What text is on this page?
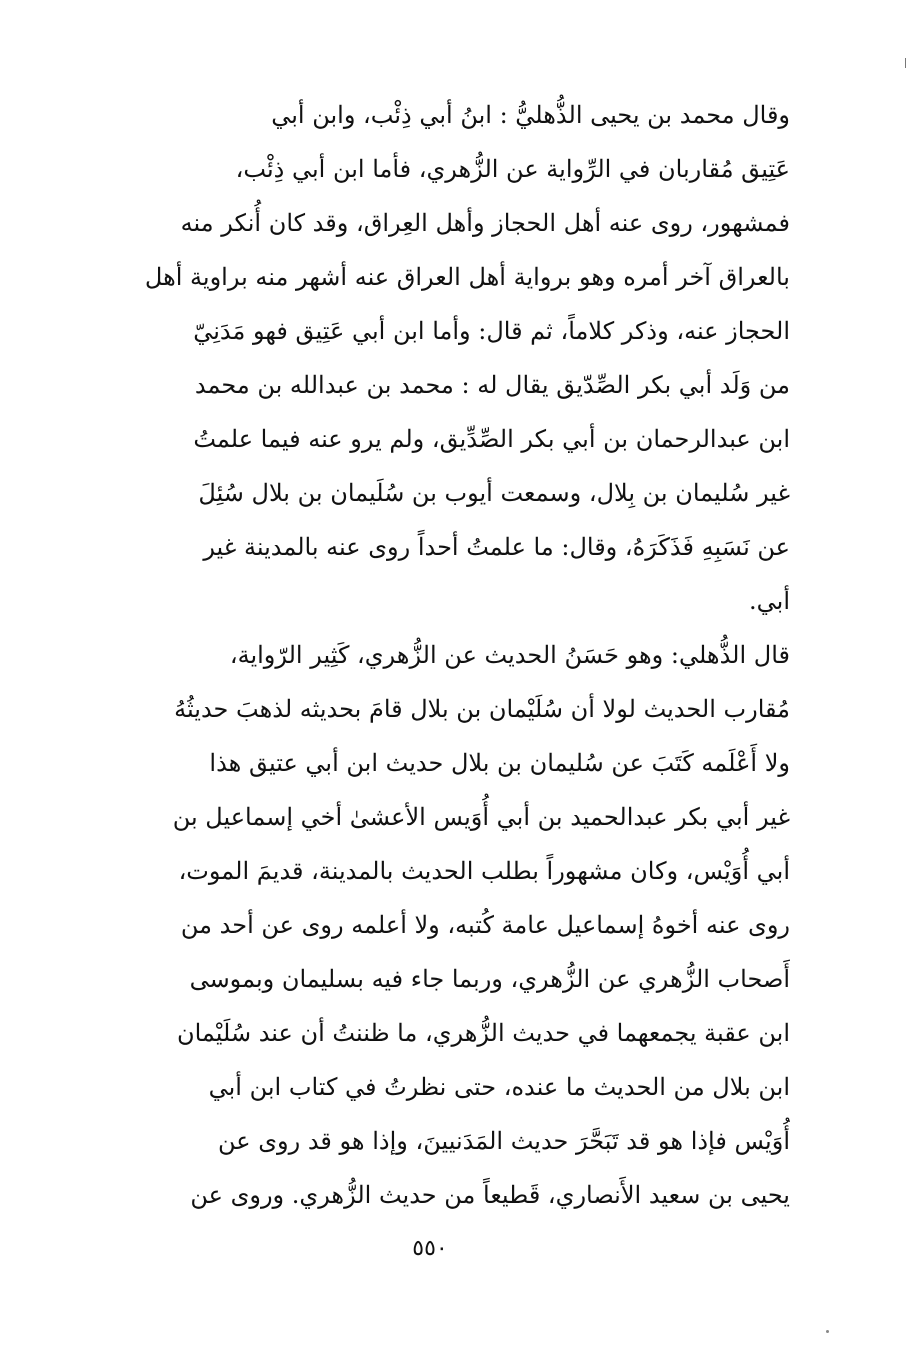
وقال محمد بن يحيى الذُّهليُّ : ابنُ أبي ذِئْب، وابن أبي
عَتِيق مُقاربان في الرِّواية عن الزُّهري، فأما ابن أبي ذِئْب،
فمشهور، روى عنه أهل الحجاز وأهل العِراق، وقد كان أُنكر منه
بالعراق آخر أمره وهو برواية أهل العراق عنه أشهر منه براوية أهل
الحجاز عنه، وذكر كلاماً، ثم قال: وأما ابن أبي عَتِيق فهو مَدَنِيّ
من وَلَد أبي بكر الصِّدّيق يقال له : محمد بن عبدالله بن محمد
ابن عبدالرحمان بن أبي بكر الصِّدِّيق، ولم يرو عنه فيما علمتُ
غير سُليمان بن بِلال، وسمعت أيوب بن سُلَيمان بن بلال سُئِلَ
عن نَسَبِهِ فَذَكَرَهُ، وقال: ما علمتُ أحداً روى عنه بالمدينة غير
أبي.
قال الذُّهلي: وهو حَسَنُ الحديث عن الزُّهري، كَثِير الرّواية،
مُقارب الحديث لولا أن سُلَيْمان بن بلال قامَ بحديثه لذهبَ حديثُهُ
ولا أَعْلَمه كَتَبَ عن سُليمان بن بلال حديث ابن أبي عتيق هذا
غير أبي بكر عبدالحميد بن أبي أُوَيس الأعشىٰ أخي إسماعيل بن
أبي أُوَيْس، وكان مشهوراً بطلب الحديث بالمدينة، قديمَ الموت،
روى عنه أخوهُ إسماعيل عامة كُتبه، ولا أعلمه روى عن أحد من
أَصحاب الزُّهري عن الزُّهري، وربما جاء فيه بسليمان وبموسى
ابن عقبة يجمعهما في حديث الزُّهري، ما ظننتُ أن عند سُلَيْمان
ابن بلال من الحديث ما عنده، حتى نظرتُ في كتاب ابن أبي
أُوَيْس فإذا هو قد تَبَحَّرَ حديث المَدَنيينَ، وإذا هو قد روى عن
يحيى بن سعيد الأَنصاري، قَطيعاً من حديث الزُّهري. وروى عن
٥٥٠
